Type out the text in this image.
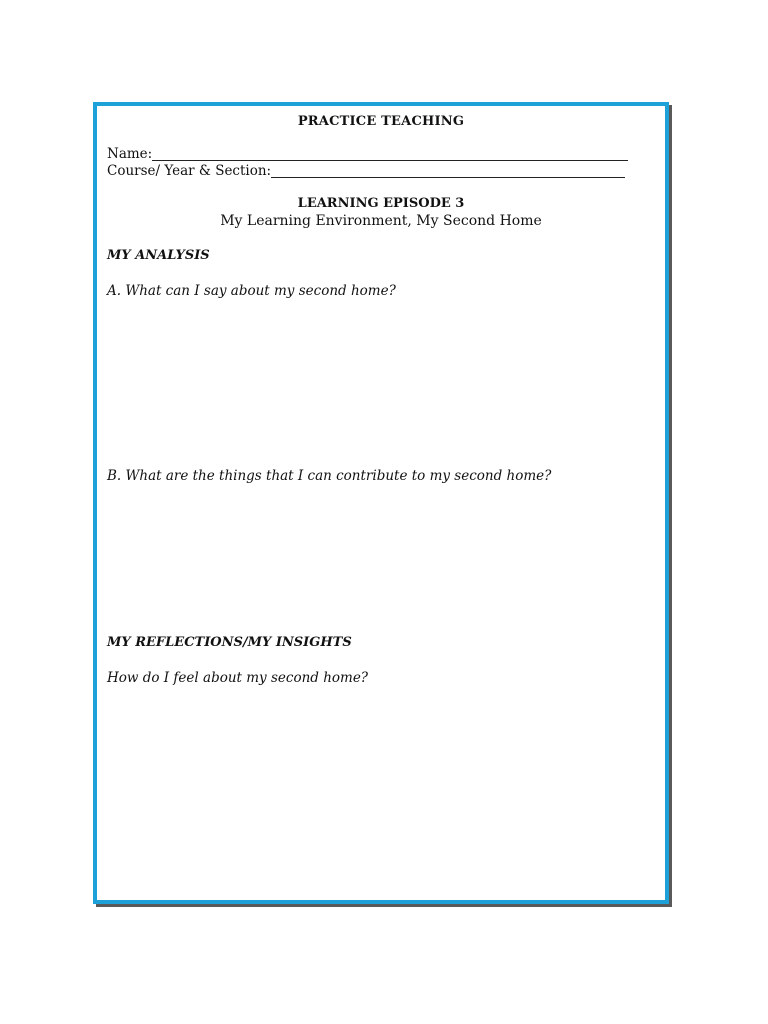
PRACTICE TEACHING
Name:
Course/ Year & Section:
LEARNING EPISODE 3
My Learning Environment, My Second Home
MY ANALYSIS
A. What can I say about my second home?
B. What are the things that I can contribute to my second home?
MY REFLECTIONS/MY INSIGHTS
How do I feel about my second home?
